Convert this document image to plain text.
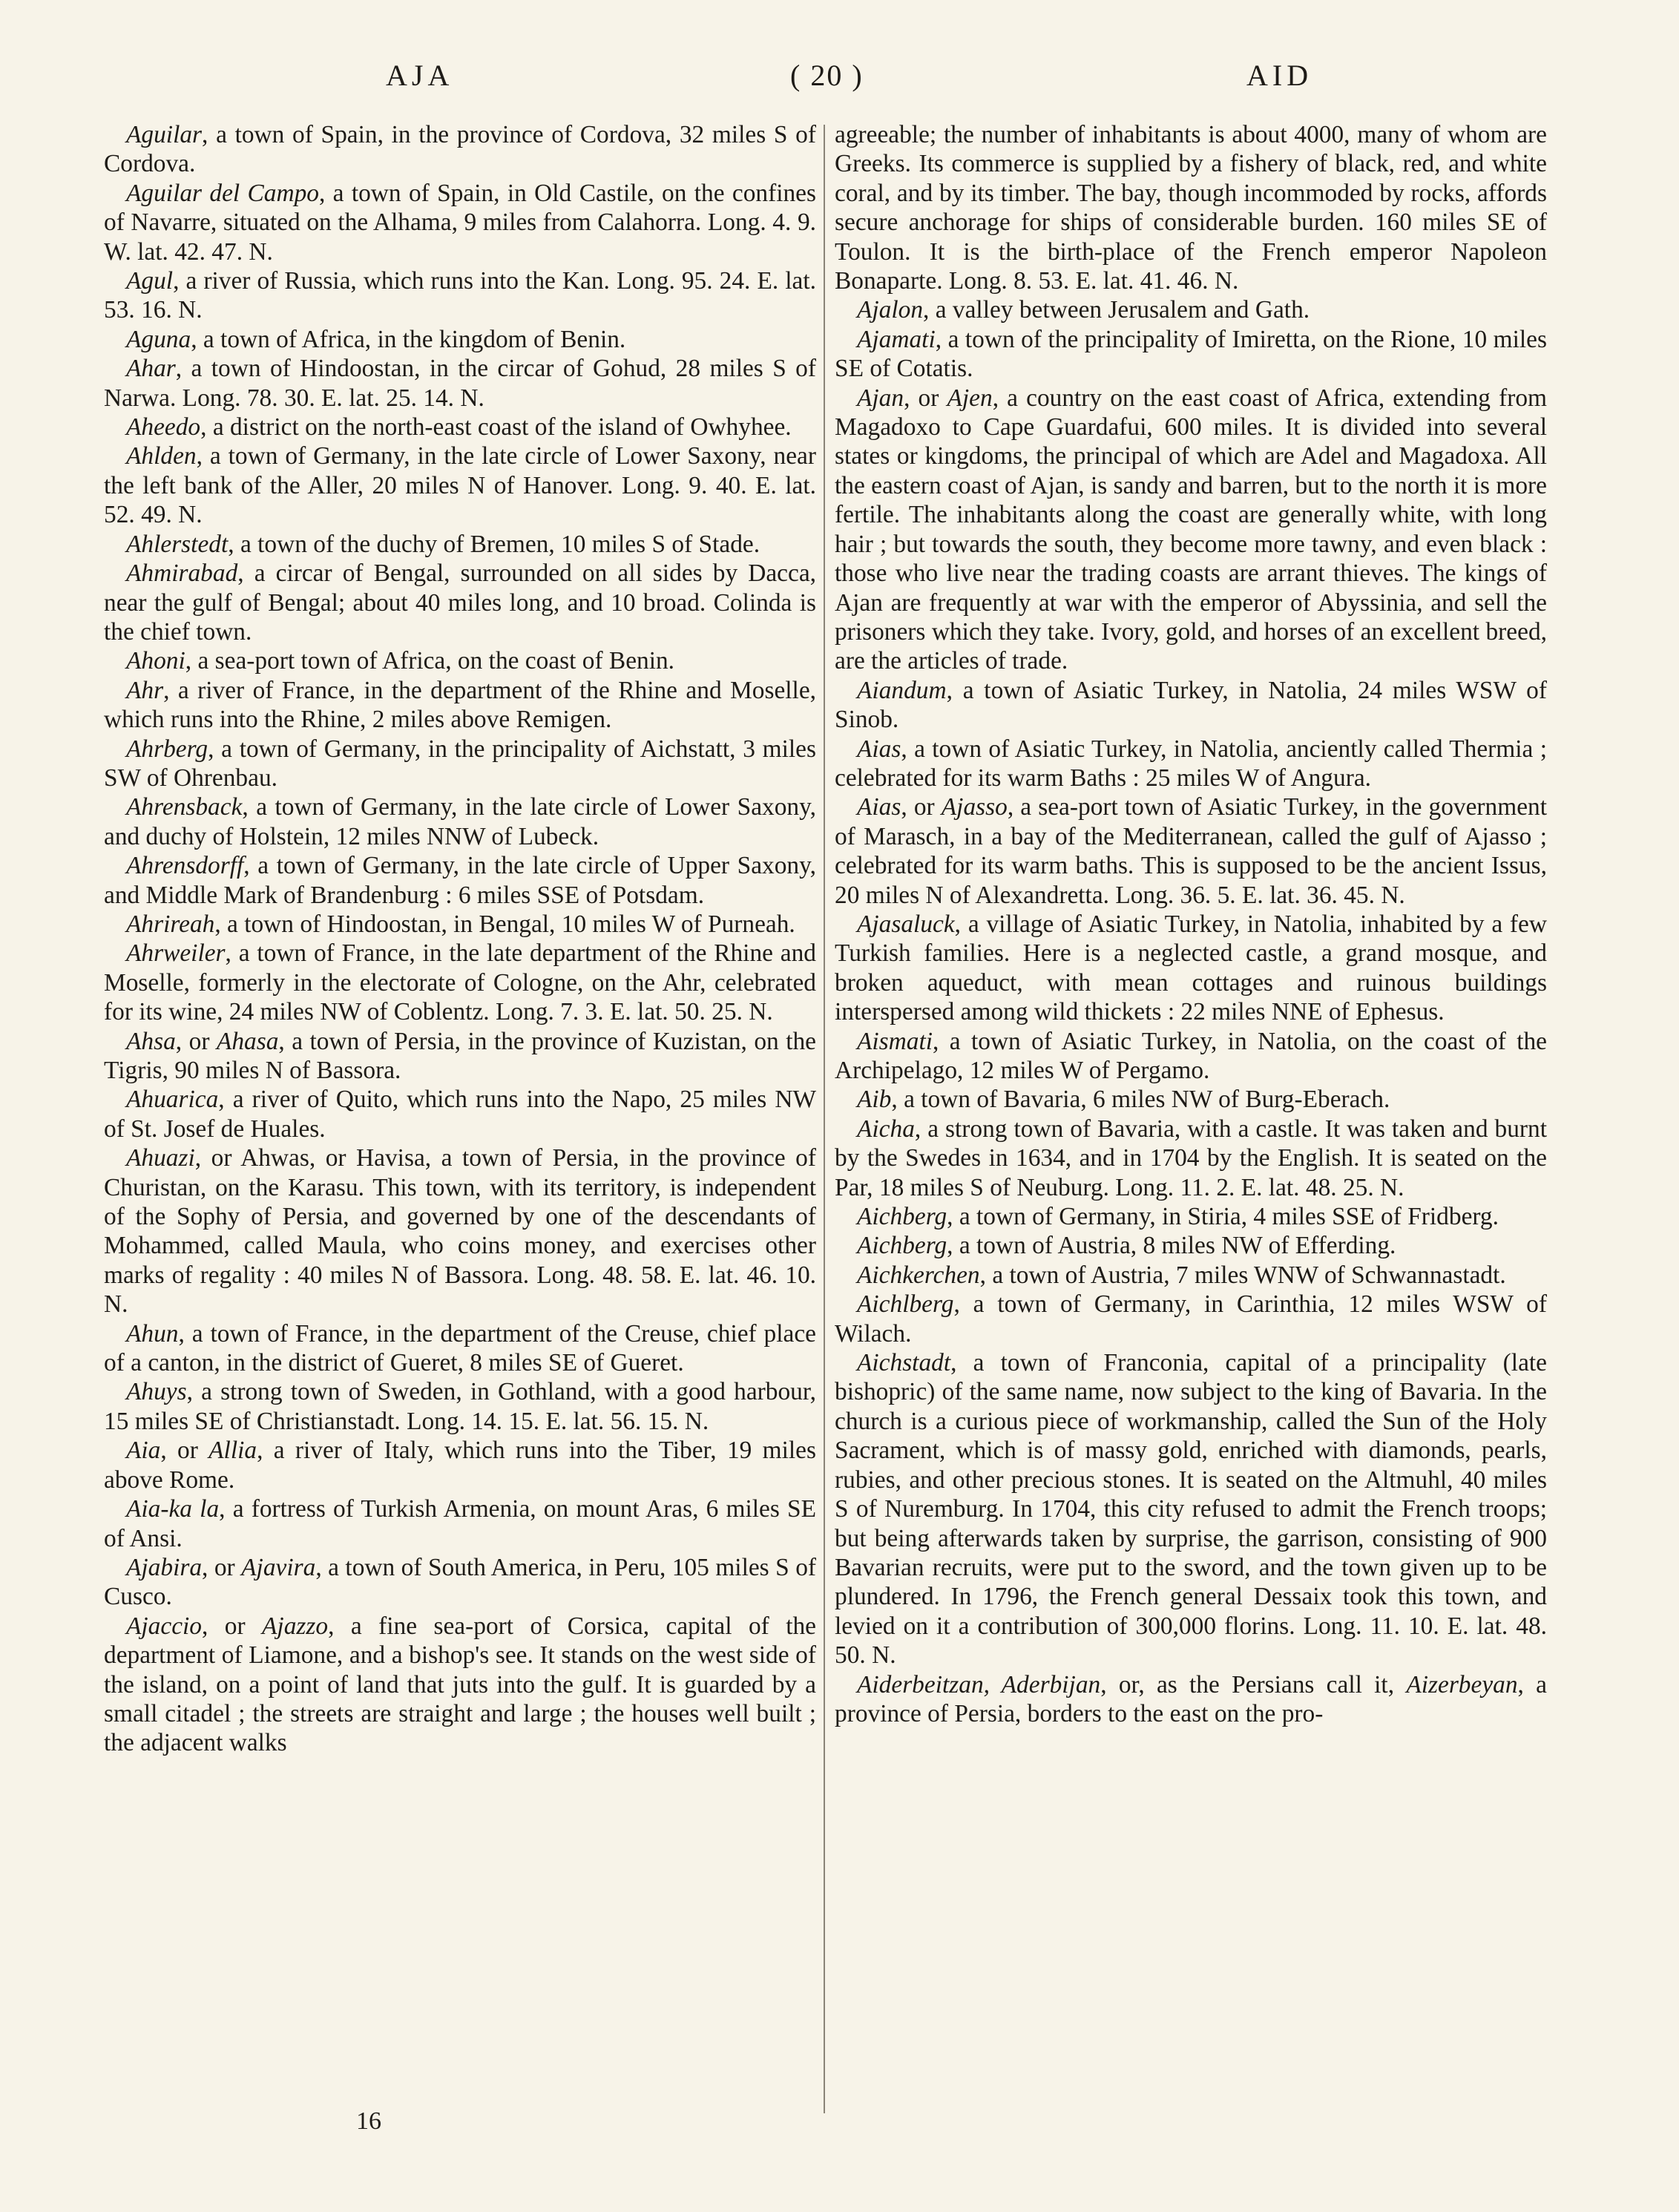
AJA	( 20 )	AID

Aguilar, a town of Spain, in the province of Cordova, 32 miles S of Cordova.

Aguilar del Campo, a town of Spain, in Old Castile, on the confines of Navarre, situated on the Alhama, 9 miles from Calahorra. Long. 4. 9. W. lat. 42. 47. N.

Agul, a river of Russia, which runs into the Kan. Long. 95. 24. E. lat. 53. 16. N.

Aguna, a town of Africa, in the kingdom of Benin.

Ahar, a town of Hindoostan, in the circar of Gohud, 28 miles S of Narwa. Long. 78. 30. E. lat. 25. 14. N.

Aheedo, a district on the north-east coast of the island of Owhyhee.

Ahlden, a town of Germany, in the late circle of Lower Saxony, near the left bank of the Aller, 20 miles N of Hanover. Long. 9. 40. E. lat. 52. 49. N.

Ahlerstedt, a town of the duchy of Bremen, 10 miles S of Stade.

Ahmirabad, a circar of Bengal, surrounded on all sides by Dacca, near the gulf of Bengal; about 40 miles long, and 10 broad. Colinda is the chief town.

Ahoni, a sea-port town of Africa, on the coast of Benin.

Ahr, a river of France, in the department of the Rhine and Moselle, which runs into the Rhine, 2 miles above Remigen.

Ahrberg, a town of Germany, in the principality of Aichstatt, 3 miles SW of Ohrenbau.

Ahrensback, a town of Germany, in the late circle of Lower Saxony, and duchy of Holstein, 12 miles NNW of Lubeck.

Ahrensdorff, a town of Germany, in the late circle of Upper Saxony, and Middle Mark of Brandenburg : 6 miles SSE of Potsdam.

Ahrireah, a town of Hindoostan, in Bengal, 10 miles W of Purneah.

Ahrweiler, a town of France, in the late department of the Rhine and Moselle, formerly in the electorate of Cologne, on the Ahr, celebrated for its wine, 24 miles NW of Coblentz. Long. 7. 3. E. lat. 50. 25. N.

Ahsa, or Ahasa, a town of Persia, in the province of Kuzistan, on the Tigris, 90 miles N of Bassora.

Ahuarica, a river of Quito, which runs into the Napo, 25 miles NW of St. Josef de Huales.

Ahuazi, or Ahwas, or Havisa, a town of Persia, in the province of Churistan, on the Karasu. This town, with its territory, is independent of the Sophy of Persia, and governed by one of the descendants of Mohammed, called Maula, who coins money, and exercises other marks of regality : 40 miles N of Bassora. Long. 48. 58. E. lat. 46. 10. N.

Ahun, a town of France, in the department of the Creuse, chief place of a canton, in the district of Gueret, 8 miles SE of Gueret.

Ahuys, a strong town of Sweden, in Gothland, with a good harbour, 15 miles SE of Christianstadt. Long. 14. 15. E. lat. 56. 15. N.

Aia, or Allia, a river of Italy, which runs into the Tiber, 19 miles above Rome.

Aia-ka la, a fortress of Turkish Armenia, on mount Aras, 6 miles SE of Ansi.

Ajabira, or Ajavira, a town of South America, in Peru, 105 miles S of Cusco.

Ajaccio, or Ajazzo, a fine sea-port of Corsica, capital of the department of Liamone, and a bishop's see. It stands on the west side of the island, on a point of land that juts into the gulf. It is guarded by a small citadel ; the streets are straight and large ; the houses well built ; the adjacent walks

agreeable; the number of inhabitants is about 4000, many of whom are Greeks. Its commerce is supplied by a fishery of black, red, and white coral, and by its timber. The bay, though incommoded by rocks, affords secure anchorage for ships of considerable burden. 160 miles SE of Toulon. It is the birth-place of the French emperor Napoleon Bonaparte. Long. 8. 53. E. lat. 41. 46. N.

Ajalon, a valley between Jerusalem and Gath.

Ajamati, a town of the principality of Imiretta, on the Rione, 10 miles SE of Cotatis.

Ajan, or Ajen, a country on the east coast of Africa, extending from Magadoxo to Cape Guardafui, 600 miles. It is divided into several states or kingdoms, the principal of which are Adel and Magadoxa. All the eastern coast of Ajan, is sandy and barren, but to the north it is more fertile. The inhabitants along the coast are generally white, with long hair ; but towards the south, they become more tawny, and even black : those who live near the trading coasts are arrant thieves. The kings of Ajan are frequently at war with the emperor of Abyssinia, and sell the prisoners which they take. Ivory, gold, and horses of an excellent breed, are the articles of trade.

Aiandum, a town of Asiatic Turkey, in Natolia, 24 miles WSW of Sinob.

Aias, a town of Asiatic Turkey, in Natolia, anciently called Thermia ; celebrated for its warm Baths : 25 miles W of Angura.

Aias, or Ajasso, a sea-port town of Asiatic Turkey, in the government of Marasch, in a bay of the Mediterranean, called the gulf of Ajasso ; celebrated for its warm baths. This is supposed to be the ancient Issus, 20 miles N of Alexandretta. Long. 36. 5. E. lat. 36. 45. N.

Ajasaluck, a village of Asiatic Turkey, in Natolia, inhabited by a few Turkish families. Here is a neglected castle, a grand mosque, and broken aqueduct, with mean cottages and ruinous buildings interspersed among wild thickets : 22 miles NNE of Ephesus.

Aismati, a town of Asiatic Turkey, in Natolia, on the coast of the Archipelago, 12 miles W of Pergamo.

Aib, a town of Bavaria, 6 miles NW of Burg-Eberach.

Aicha, a strong town of Bavaria, with a castle. It was taken and burnt by the Swedes in 1634, and in 1704 by the English. It is seated on the Par, 18 miles S of Neuburg. Long. 11. 2. E. lat. 48. 25. N.

Aichberg, a town of Germany, in Stiria, 4 miles SSE of Fridberg.

Aichberg, a town of Austria, 8 miles NW of Efferding.

Aichkerchen, a town of Austria, 7 miles WNW of Schwannastadt.

Aichlberg, a town of Germany, in Carinthia, 12 miles WSW of Wilach.

Aichstadt, a town of Franconia, capital of a principality (late bishopric) of the same name, now subject to the king of Bavaria. In the church is a curious piece of workmanship, called the Sun of the Holy Sacrament, which is of massy gold, enriched with diamonds, pearls, rubies, and other precious stones. It is seated on the Altmuhl, 40 miles S of Nuremburg. In 1704, this city refused to admit the French troops; but being afterwards taken by surprise, the garrison, consisting of 900 Bavarian recruits, were put to the sword, and the town given up to be plundered. In 1796, the French general Dessaix took this town, and levied on it a contribution of 300,000 florins. Long. 11. 10. E. lat. 48. 50. N.

Aiderbeitzan, Aderbijan, or, as the Persians call it, Aizerbeyan, a province of Persia, borders to the east on the pro-

16
